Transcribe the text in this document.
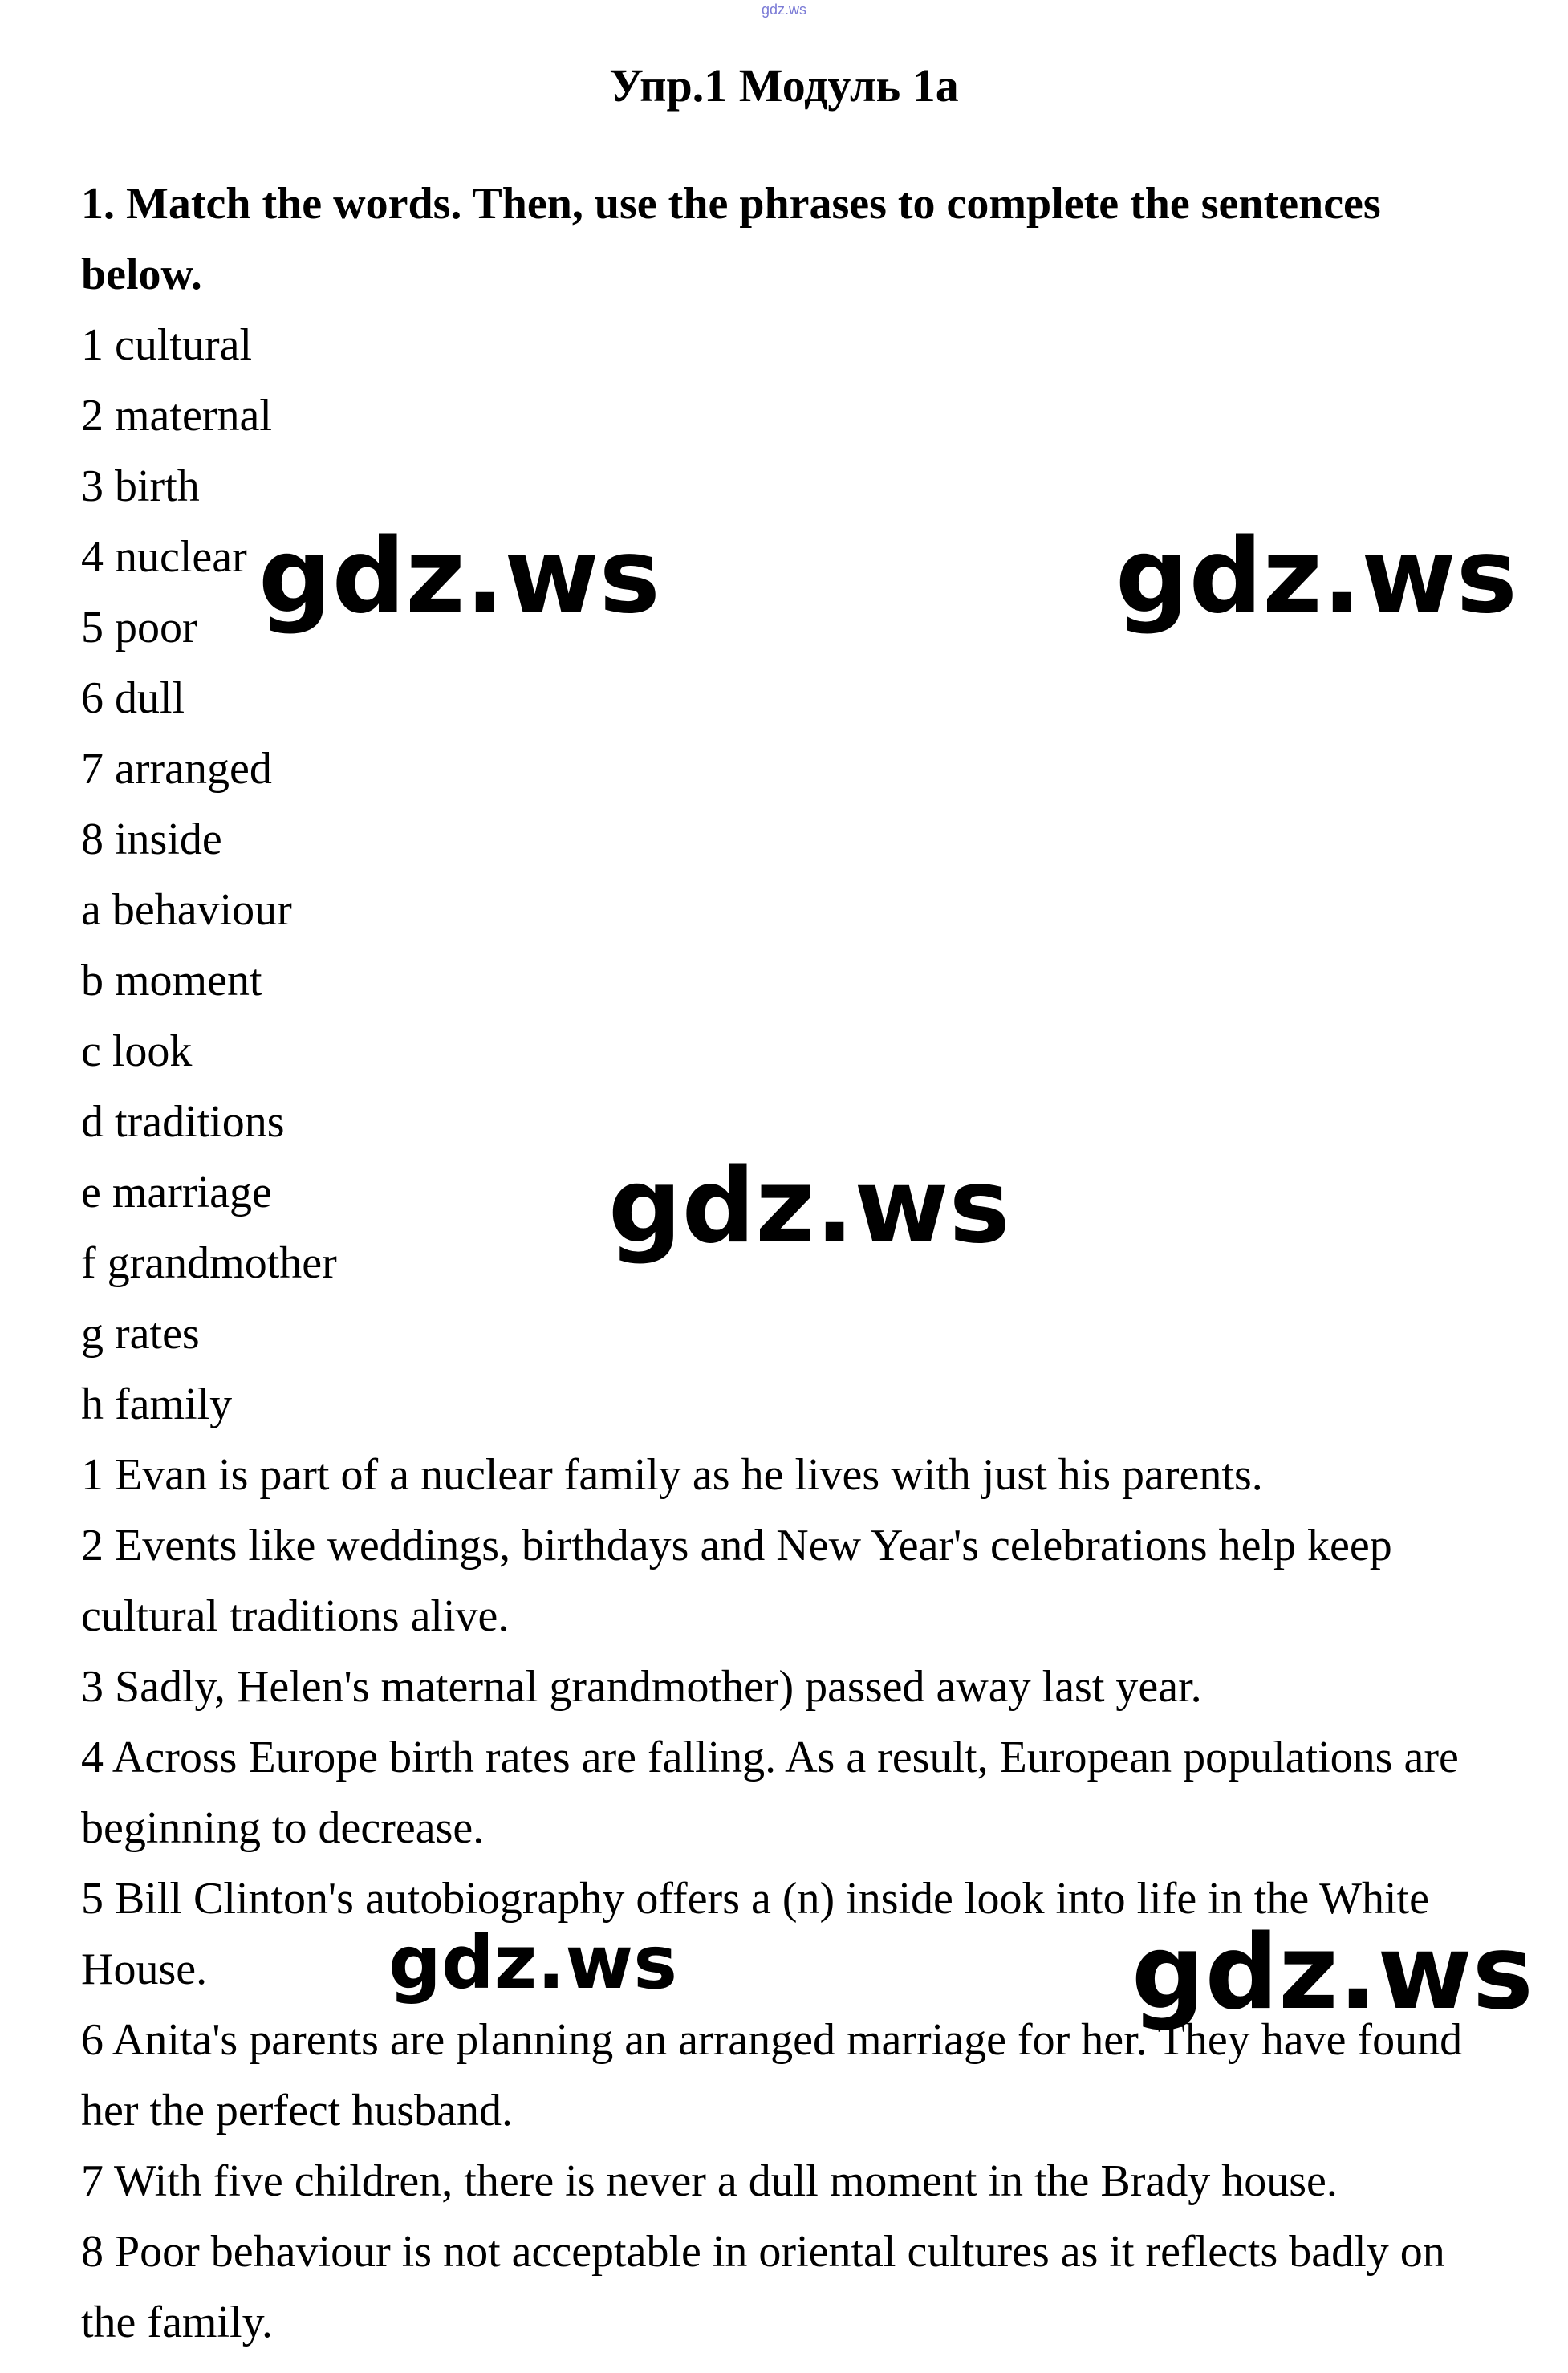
gdz.ws
Упр.1 Модуль 1а

1. Match the words. Then, use the phrases to complete the sentences below.

1 cultural

2 maternal

3 birth

4 nuclear

5 poor

6 dull

7 arranged

8 inside

a behaviour

b moment

c look

d traditions

e marriage

f grandmother

g rates

h family

1 Evan is part of a nuclear family as he lives with just his parents.

2 Events like weddings, birthdays and New Year's celebrations help keep cultural traditions alive.

3 Sadly, Helen's maternal grandmother) passed away last year.

4 Across Europe birth rates are falling. As a result, European populations are beginning to decrease.

5 Bill Clinton's autobiography offers a (n) inside look into life in the White House.

6 Anita's parents are planning an arranged marriage for her. They have found her the perfect husband.

7 With five children, there is never a dull moment in the Brady house.

8 Poor behaviour is not acceptable in oriental cultures as it reflects badly on the family.

gdz.ws	gdz.ws
gdz.ws
gdz.ws	gdz.ws
